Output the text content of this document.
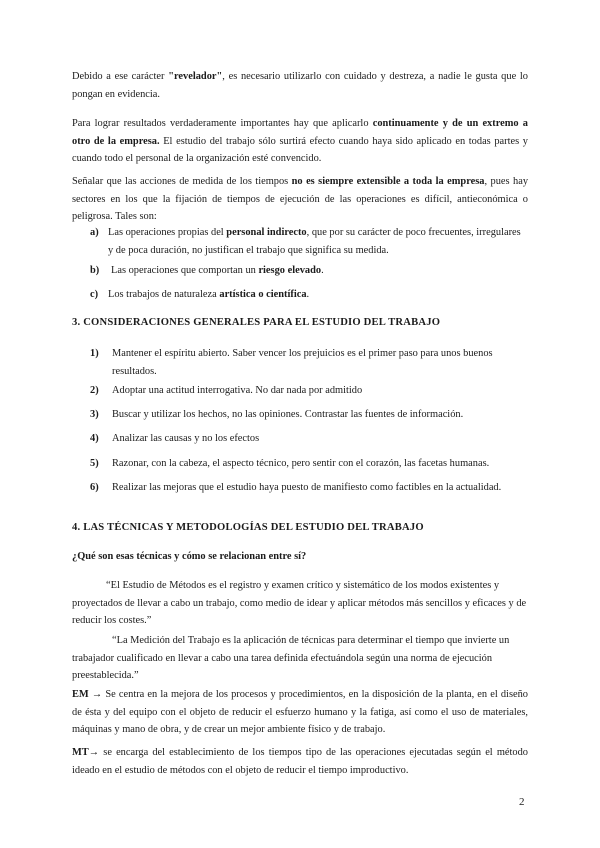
Debido a ese carácter "revelador", es necesario utilizarlo con cuidado y destreza, a nadie le gusta que lo pongan en evidencia.

Para lograr resultados verdaderamente importantes hay que aplicarlo continuamente y de un extremo a otro de la empresa. El estudio del trabajo sólo surtirá efecto cuando haya sido aplicado en todas partes y cuando todo el personal de la organización esté convencido.

Señalar que las acciones de medida de los tiempos no es siempre extensible a toda la empresa, pues hay sectores en los que la fijación de tiempos de ejecución de las operaciones es difícil, antieconómica o peligrosa. Tales son:

a) Las operaciones propias del personal indirecto, que por su carácter de poco frecuentes, irregulares y de poca duración, no justifican el trabajo que significa su medida.
b) Las operaciones que comportan un riesgo elevado.
c) Los trabajos de naturaleza artística o científica.
3. CONSIDERACIONES GENERALES PARA EL ESTUDIO DEL TRABAJO
1) Mantener el espíritu abierto. Saber vencer los prejuicios es el primer paso para unos buenos resultados.
2) Adoptar una actitud interrogativa. No dar nada por admitido
3) Buscar y utilizar los hechos, no las opiniones. Contrastar las fuentes de información.
4) Analizar las causas y no los efectos
5) Razonar, con la cabeza, el aspecto técnico, pero sentir con el corazón, las facetas humanas.
6) Realizar las mejoras que el estudio haya puesto de manifiesto como factibles en la actualidad.
4. LAS TÉCNICAS Y METODOLOGÍAS DEL ESTUDIO DEL TRABAJO

¿Qué son esas técnicas y cómo se relacionan entre sí?

“El Estudio de Métodos es el registro y examen crítico y sistemático de los modos existentes y proyectados de llevar a cabo un trabajo, como medio de idear y aplicar métodos más sencillos y eficaces y de reducir los costes.”

“La Medición del Trabajo es la aplicación de técnicas para determinar el tiempo que invierte un trabajador cualificado en llevar a cabo una tarea definida efectuándola según una norma de ejecución preestablecida.”

EM → Se centra en la mejora de los procesos y procedimientos, en la disposición de la planta, en el diseño de ésta y del equipo con el objeto de reducir el esfuerzo humano y la fatiga, así como el uso de materiales, máquinas y mano de obra, y de crear un mejor ambiente físico y de trabajo.

MT→ se encarga del establecimiento de los tiempos tipo de las operaciones ejecutadas según el método ideado en el estudio de métodos con el objeto de reducir el tiempo improductivo.

2
